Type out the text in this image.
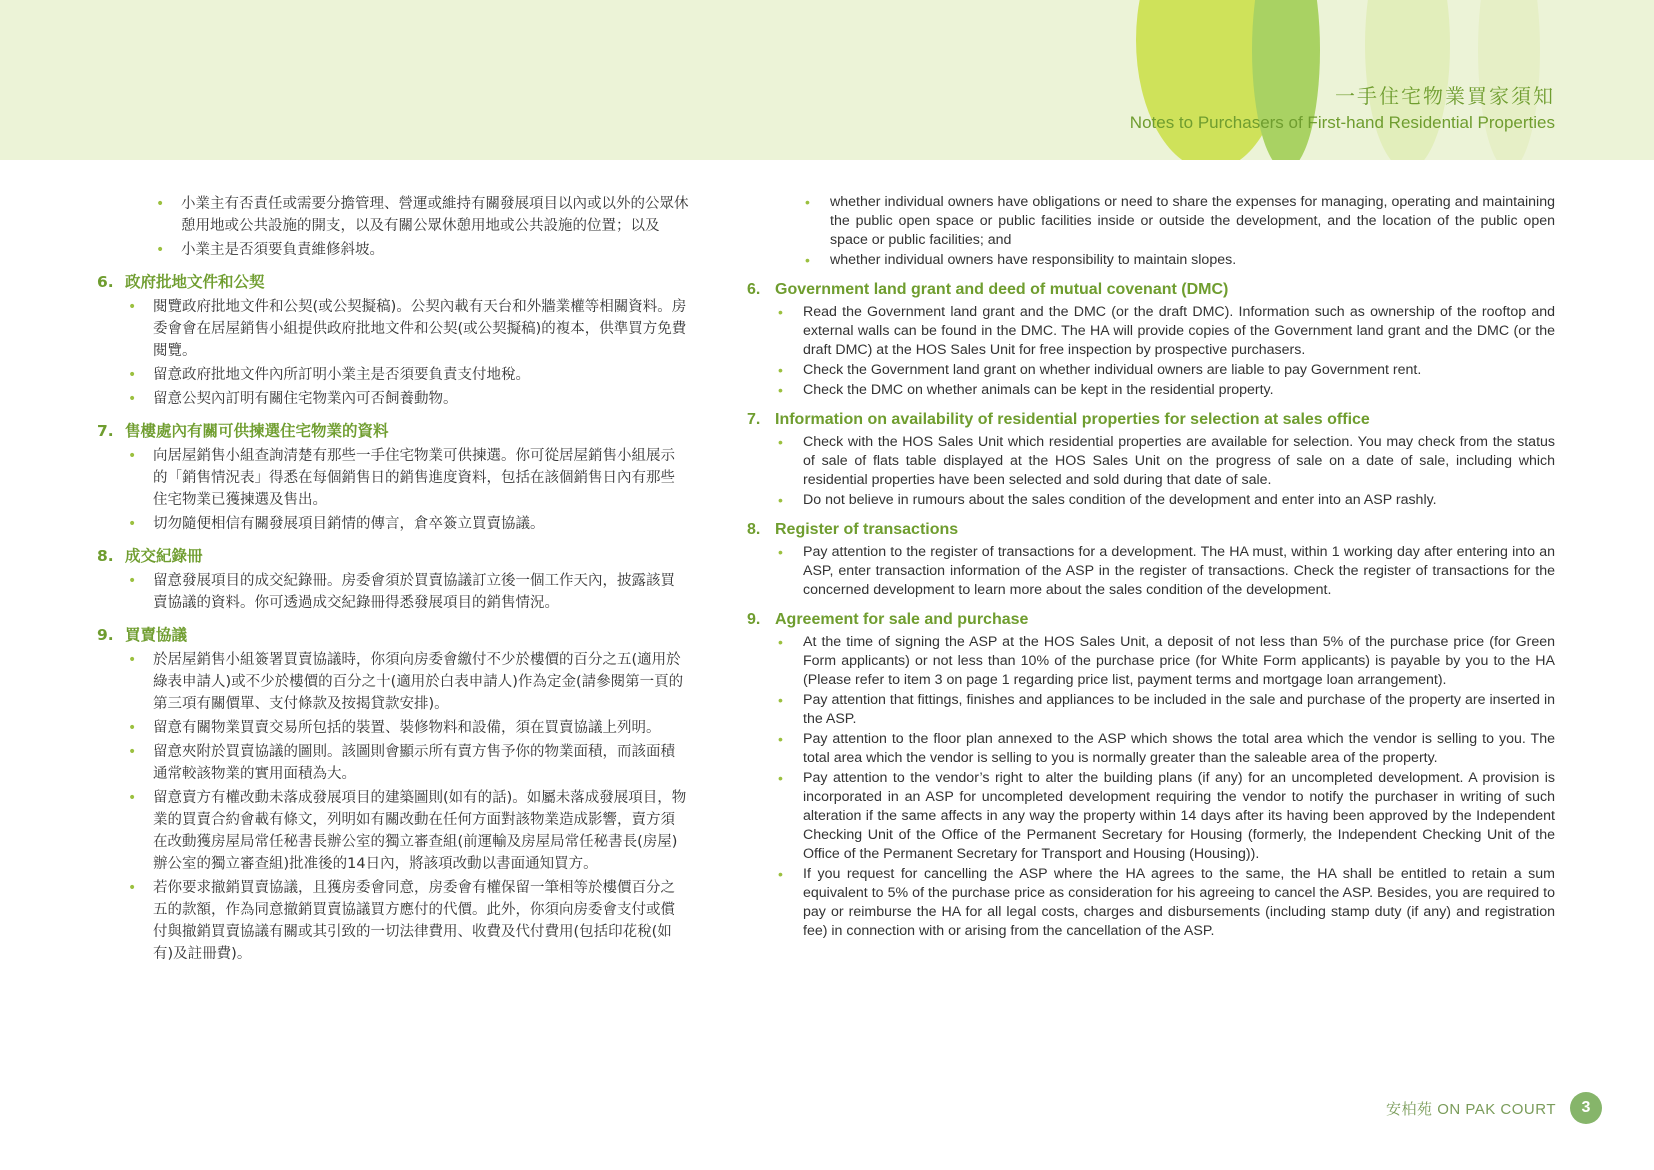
一手住宅物業買家須知
Notes to Purchasers of First-hand Residential Properties
• 小業主有否責任或需要分擔管理、營運或維持有關發展項目以內或以外的公眾休憩用地或公共設施的開支，以及有關公眾休憩用地或公共設施的位置；以及
• 小業主是否須要負責維修斜坡。
6. 政府批地文件和公契
• 閱覽政府批地文件和公契(或公契擬稿)。公契內載有天台和外牆業權等相關資料。房委會會在居屋銷售小組提供政府批地文件和公契(或公契擬稿)的複本，供準買方免費閱覽。
• 留意政府批地文件內所訂明小業主是否須要負責支付地稅。
• 留意公契內訂明有關住宅物業內可否飼養動物。
7. 售樓處內有關可供揀選住宅物業的資料
• 向居屋銷售小組查詢清楚有那些一手住宅物業可供揀選。你可從居屋銷售小組展示的「銷售情況表」得悉在每個銷售日的銷售進度資料，包括在該個銷售日內有那些住宅物業已獲揀選及售出。
• 切勿隨便相信有關發展項目銷情的傳言，倉卒簽立買賣協議。
8. 成交紀錄冊
• 留意發展項目的成交紀錄冊。房委會須於買賣協議訂立後一個工作天內，披露該買賣協議的資料。你可透過成交紀錄冊得悉發展項目的銷售情況。
9. 買賣協議
• 於居屋銷售小組簽署買賣協議時，你須向房委會繳付不少於樓價的百分之五(適用於綠表申請人)或不少於樓價的百分之十(適用於白表申請人)作為定金(請參閱第一頁的第三項有關價單、支付條款及按揭貸款安排)。
• 留意有關物業買賣交易所包括的裝置、裝修物料和設備，須在買賣協議上列明。
• 留意夾附於買賣協議的圖則。該圖則會顯示所有賣方售予你的物業面積，而該面積通常較該物業的實用面積為大。
• 留意賣方有權改動未落成發展項目的建築圖則(如有的話)。如屬未落成發展項目，物業的買賣合約會載有條文，列明如有關改動在任何方面對該物業造成影響，賣方須在改動獲房屋局常任秘書長辦公室的獨立審查組(前運輸及房屋局常任秘書長(房屋)辦公室的獨立審查組)批准後的14日內，將該項改動以書面通知買方。
• 若你要求撤銷買賣協議，且獲房委會同意，房委會有權保留一筆相等於樓價百分之五的款額，作為同意撤銷買賣協議買方應付的代價。此外，你須向房委會支付或償付與撤銷買賣協議有關或其引致的一切法律費用、收費及代付費用(包括印花稅(如有)及註冊費)。
• whether individual owners have obligations or need to share the expenses for managing, operating and maintaining the public open space or public facilities inside or outside the development, and the location of the public open space or public facilities; and
• whether individual owners have responsibility to maintain slopes.
6. Government land grant and deed of mutual covenant (DMC)
• Read the Government land grant and the DMC (or the draft DMC). Information such as ownership of the rooftop and external walls can be found in the DMC. The HA will provide copies of the Government land grant and the DMC (or the draft DMC) at the HOS Sales Unit for free inspection by prospective purchasers.
• Check the Government land grant on whether individual owners are liable to pay Government rent.
• Check the DMC on whether animals can be kept in the residential property.
7. Information on availability of residential properties for selection at sales office
• Check with the HOS Sales Unit which residential properties are available for selection. You may check from the status of sale of flats table displayed at the HOS Sales Unit on the progress of sale on a date of sale, including which residential properties have been selected and sold during that date of sale.
• Do not believe in rumours about the sales condition of the development and enter into an ASP rashly.
8. Register of transactions
• Pay attention to the register of transactions for a development. The HA must, within 1 working day after entering into an ASP, enter transaction information of the ASP in the register of transactions. Check the register of transactions for the concerned development to learn more about the sales condition of the development.
9. Agreement for sale and purchase
• At the time of signing the ASP at the HOS Sales Unit, a deposit of not less than 5% of the purchase price (for Green Form applicants) or not less than 10% of the purchase price (for White Form applicants) is payable by you to the HA (Please refer to item 3 on page 1 regarding price list, payment terms and mortgage loan arrangement).
• Pay attention that fittings, finishes and appliances to be included in the sale and purchase of the property are inserted in the ASP.
• Pay attention to the floor plan annexed to the ASP which shows the total area which the vendor is selling to you. The total area which the vendor is selling to you is normally greater than the saleable area of the property.
• Pay attention to the vendor’s right to alter the building plans (if any) for an uncompleted development. A provision is incorporated in an ASP for uncompleted development requiring the vendor to notify the purchaser in writing of such alteration if the same affects in any way the property within 14 days after its having been approved by the Independent Checking Unit of the Office of the Permanent Secretary for Housing (formerly, the Independent Checking Unit of the Office of the Permanent Secretary for Transport and Housing (Housing)).
• If you request for cancelling the ASP where the HA agrees to the same, the HA shall be entitled to retain a sum equivalent to 5% of the purchase price as consideration for his agreeing to cancel the ASP. Besides, you are required to pay or reimburse the HA for all legal costs, charges and disbursements (including stamp duty (if any) and registration fee) in connection with or arising from the cancellation of the ASP.
安柏苑 ON PAK COURT	3
